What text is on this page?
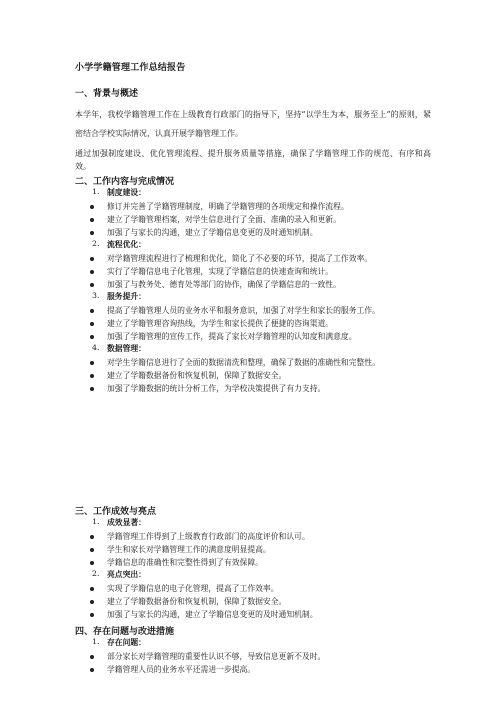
小学学籍管理工作总结报告
一、背景与概述
本学年，我校学籍管理工作在上级教育行政部门的指导下，坚持“以学生为本，服务至上”的原则，紧密结合学校实际情况，认真开展学籍管理工作。
通过加强制度建设、优化管理流程、提升服务质量等措施，确保了学籍管理工作的规范、有序和高效。
二、工作内容与完成情况
1. 制度建设：
修订并完善了学籍管理制度，明确了学籍管理的各项规定和操作流程。
建立了学籍管理档案，对学生信息进行了全面、准确的录入和更新。
加强了与家长的沟通，建立了学籍信息变更的及时通知机制。
2. 流程优化：
对学籍管理流程进行了梳理和优化，简化了不必要的环节，提高了工作效率。
实行了学籍信息电子化管理，实现了学籍信息的快速查询和统计。
加强了与教务处、德育处等部门的协作，确保了学籍信息的一致性。
3. 服务提升：
提高了学籍管理人员的业务水平和服务意识，加强了对学生和家长的服务工作。
建立了学籍管理咨询热线，为学生和家长提供了便捷的咨询渠道。
加强了学籍管理的宣传工作，提高了家长对学籍管理的认知度和满意度。
4. 数据管理：
对学生学籍信息进行了全面的数据清洗和整理，确保了数据的准确性和完整性。
建立了学籍数据备份和恢复机制，保障了数据安全。
加强了学籍数据的统计分析工作，为学校决策提供了有力支持。
三、工作成效与亮点
1. 成效显著：
学籍管理工作得到了上级教育行政部门的高度评价和认可。
学生和家长对学籍管理工作的满意度明显提高。
学籍信息的准确性和完整性得到了有效保障。
2. 亮点突出：
实现了学籍信息的电子化管理，提高了工作效率。
建立了学籍数据备份和恢复机制，保障了数据安全。
加强了与家长的沟通，建立了学籍信息变更的及时通知机制。
四、存在问题与改进措施
1. 存在问题：
部分家长对学籍管理的重要性认识不够，导致信息更新不及时。
学籍管理人员的业务水平还需进一步提高。
